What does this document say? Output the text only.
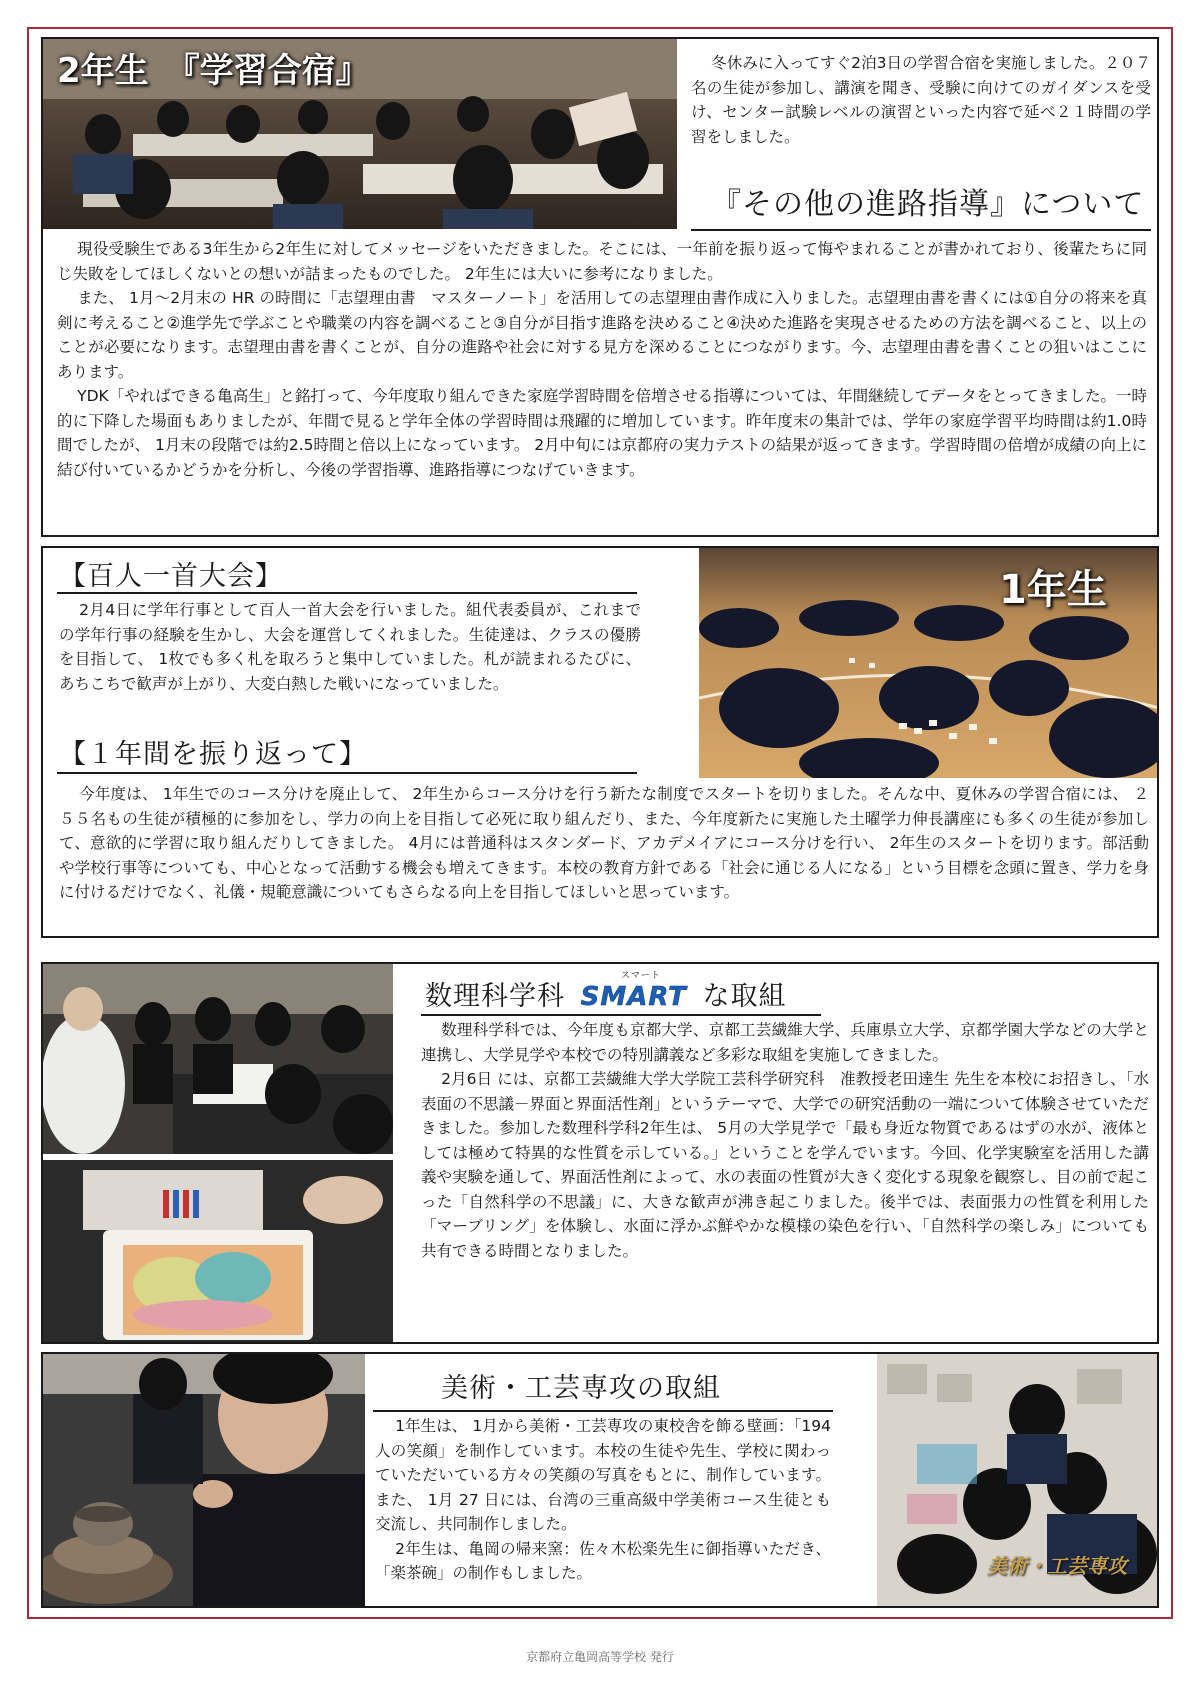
2年生　『学習合宿』	冬休みに入ってすぐ2泊3日の学習合宿を実施しました。２０７名の生徒が参加し、講演を聞き、受験に向けてのガイダンスを受け、センター試験レベルの演習といった内容で延べ２１時間の学習をしました。

『その他の進路指導』について

現役受験生である3年生から2年生に対してメッセージをいただきました。そこには、一年前を振り返って悔やまれることが書かれており、後輩たちに同じ失敗をしてほしくないとの想いが詰まったものでした。 2年生には大いに参考になりました。

また、 1月～2月末の HR の時間に「志望理由書　マスターノート」を活用しての志望理由書作成に入りました。志望理由書を書くには①自分の将来を真剣に考えること②進学先で学ぶことや職業の内容を調べること③自分が目指す進路を決めること④決めた進路を実現させるための方法を調べること、以上のことが必要になります。志望理由書を書くことが、自分の進路や社会に対する見方を深めることにつながります。今、志望理由書を書くことの狙いはここにあります。

YDK「やればできる亀高生」と銘打って、今年度取り組んできた家庭学習時間を倍増させる指導については、年間継続してデータをとってきました。一時的に下降した場面もありましたが、年間で見ると学年全体の学習時間は飛躍的に増加しています。昨年度末の集計では、学年の家庭学習平均時間は約1.0時間でしたが、 1月末の段階では約2.5時間と倍以上になっています。 2月中旬には京都府の実力テストの結果が返ってきます。学習時間の倍増が成績の向上に結び付いているかどうかを分析し、今後の学習指導、進路指導につなげていきます。

【百人一首大会】

2月4日に学年行事として百人一首大会を行いました。組代表委員が、これまでの学年行事の経験を生かし、大会を運営してくれました。生徒達は、クラスの優勝を目指して、 1枚でも多く札を取ろうと集中していました。札が読まれるたびに、あちこちで歓声が上がり、大変白熱した戦いになっていました。

1年生
【１年間を振り返って】

今年度は、 1年生でのコース分けを廃止して、 2年生からコース分けを行う新たな制度でスタートを切りました。そんな中、夏休みの学習合宿には、 ２５５名もの生徒が積極的に参加をし、学力の向上を目指して必死に取り組んだり、また、今年度新たに実施した土曜学力伸長講座にも多くの生徒が参加して、意欲的に学習に取り組んだりしてきました。 4月には普通科はスタンダード、アカデメイアにコース分けを行い、 2年生のスタートを切ります。部活動や学校行事等についても、中心となって活動する機会も増えてきます。本校の教育方針である「社会に通じる人になる」という目標を念頭に置き、学力を身に付けるだけでなく、礼儀・規範意識についてもさらなる向上を目指してほしいと思っています。

数理科学科 SMART な取組
スマート

数理科学科では、今年度も京都大学、京都工芸繊維大学、兵庫県立大学、京都学園大学などの大学と連携し、大学見学や本校での特別講義など多彩な取組を実施してきました。

2月6日 には、京都工芸繊維大学大学院工芸科学研究科　准教授老田達生 先生を本校にお招きし、「水表面の不思議－界面と界面活性剤」というテーマで、大学での研究活動の一端について体験させていただきました。参加した数理科学科2年生は、 5月の大学見学で「最も身近な物質であるはずの水が、液体としては極めて特異的な性質を示している。」ということを学んでいます。今回、化学実験室を活用した講義や実験を通して、界面活性剤によって、水の表面の性質が大きく変化する現象を観察し、目の前で起こった「自然科学の不思議」に、大きな歓声が沸き起こりました。後半では、表面張力の性質を利用した「マーブリング」を体験し、水面に浮かぶ鮮やかな模様の染色を行い、「自然科学の楽しみ」についても共有できる時間となりました。

美術・工芸専攻の取組

1年生は、 1月から美術・工芸専攻の東校舎を飾る壁画：「194 人の笑顔」を制作しています。本校の生徒や先生、学校に関わっていただいている方々の笑顔の写真をもとに、制作しています。また、 1月 27 日には、台湾の三重高級中学美術コース生徒とも交流し、共同制作しました。

2年生は、亀岡の帰来窯：佐々木松楽先生に御指導いただき、「楽茶碗」の制作もしました。	美術・工芸専攻
京都府立亀岡高等学校 発行
